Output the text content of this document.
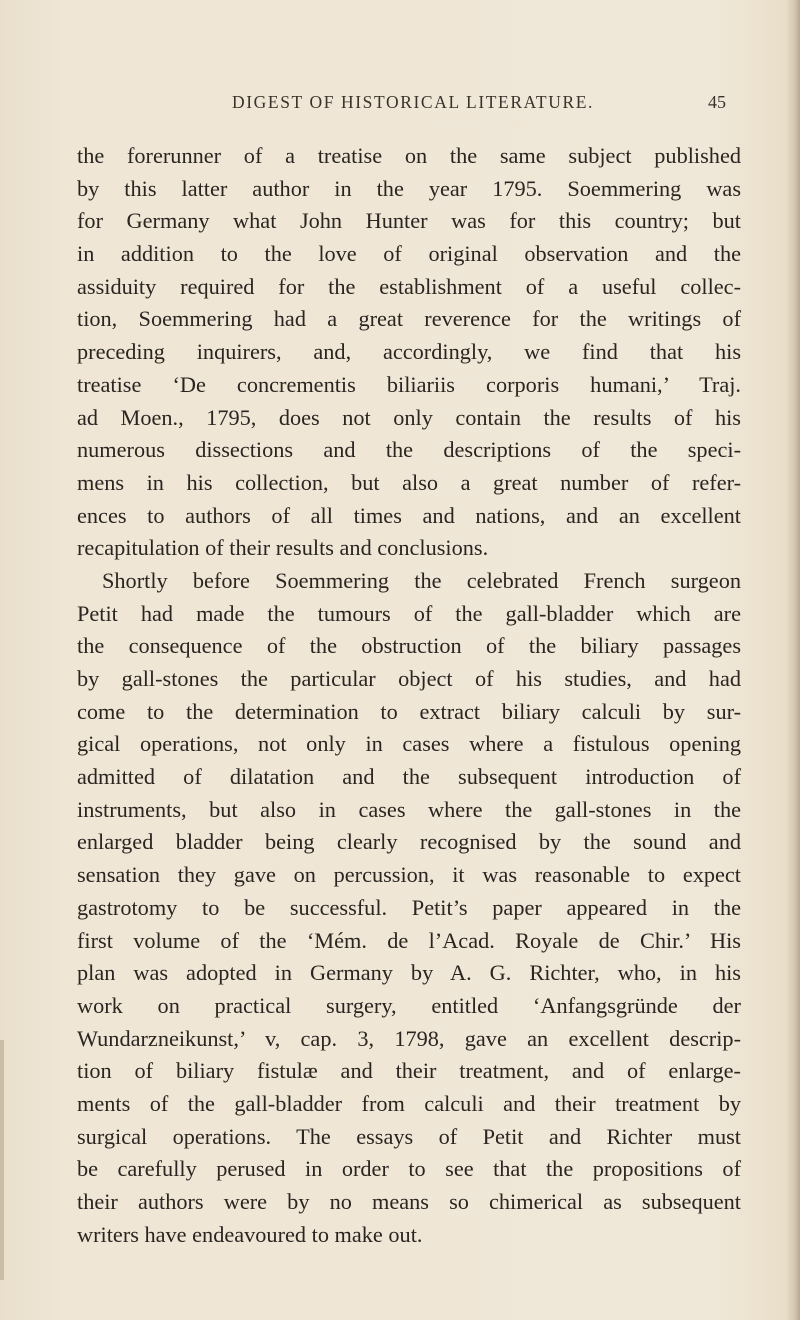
DIGEST OF HISTORICAL LITERATURE.	45
the forerunner of a treatise on the same subject published
by this latter author in the year 1795. Soemmering was
for Germany what John Hunter was for this country; but
in addition to the love of original observation and the
assiduity required for the establishment of a useful collec-
tion, Soemmering had a great reverence for the writings of
preceding inquirers, and, accordingly, we find that his
treatise ‘De concrementis biliariis corporis humani,’ Traj.
ad Moen., 1795, does not only contain the results of his
numerous dissections and the descriptions of the speci-
mens in his collection, but also a great number of refer-
ences to authors of all times and nations, and an excellent
recapitulation of their results and conclusions.
Shortly before Soemmering the celebrated French surgeon
Petit had made the tumours of the gall-bladder which are
the consequence of the obstruction of the biliary passages
by gall-stones the particular object of his studies, and had
come to the determination to extract biliary calculi by sur-
gical operations, not only in cases where a fistulous opening
admitted of dilatation and the subsequent introduction of
instruments, but also in cases where the gall-stones in the
enlarged bladder being clearly recognised by the sound and
sensation they gave on percussion, it was reasonable to expect
gastrotomy to be successful. Petit’s paper appeared in the
first volume of the ‘Mém. de l’Acad. Royale de Chir.’ His
plan was adopted in Germany by A. G. Richter, who, in his
work on practical surgery, entitled ‘Anfangsgründe der
Wundarzneikunst,’ v, cap. 3, 1798, gave an excellent descrip-
tion of biliary fistulæ and their treatment, and of enlarge-
ments of the gall-bladder from calculi and their treatment by
surgical operations. The essays of Petit and Richter must
be carefully perused in order to see that the propositions of
their authors were by no means so chimerical as subsequent
writers have endeavoured to make out.
